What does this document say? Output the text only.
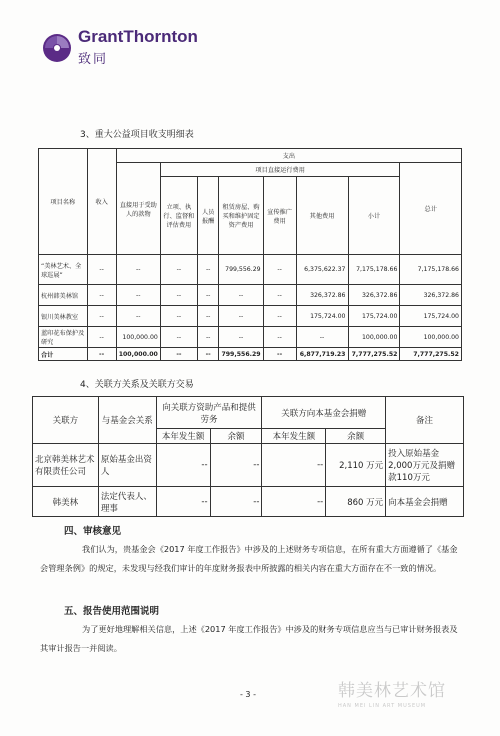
GrantThornton
致同
3、重大公益项目收支明细表
项目名称	收入	支出							
		直接用于受助人的款物	项目直接运行费用						总计
			立项、执行、监督和评估费用	人员报酬	租赁房屋、购买和维护固定资产费用	宣传推广费用	其他费用	小计	
“美林艺术、全球巡展”	--	--	--	--	799,556.29	--	6,375,622.37	7,175,178.66	7,175,178.66
杭州韩美林馆	--	--	--	--	--	--	326,372.86	326,372.86	326,372.86
银川美林教室	--	--	--	--	--	--	175,724.00	175,724.00	175,724.00
蓝印花布保护及研究	--	100,000.00	--	--	--	--	--	100,000.00	100,000.00
合计	--	100,000.00	--	--	799,556.29	--	6,877,719.23	7,777,275.52	7,777,275.52
4、关联方关系及关联方交易
关联方	与基金会关系	向关联方资助产品和提供劳务		关联方向本基金会捐赠		备注
		本年发生额	余额	本年发生额	余额	
北京韩美林艺术有限责任公司	原始基金出资人	--	--	--	2,110 万元	投入原始基金2,000万元及捐赠款110万元
韩美林	法定代表人、理事	--	--	--	860 万元	向本基金会捐赠
四、审核意见
我们认为，贵基金会《2017 年度工作报告》中涉及的上述财务专项信息，在所有重大方面遵循了《基金会管理条例》的规定，未发现与经我们审计的年度财务报表中所披露的相关内容在重大方面存在不一致的情况。
五、报告使用范围说明
为了更好地理解相关信息，上述《2017 年度工作报告》中涉及的财务专项信息应当与已审计财务报表及其审计报告一并阅读。
- 3 -	韩美林艺术馆
HAN MEI LIN ART MUSEUM
